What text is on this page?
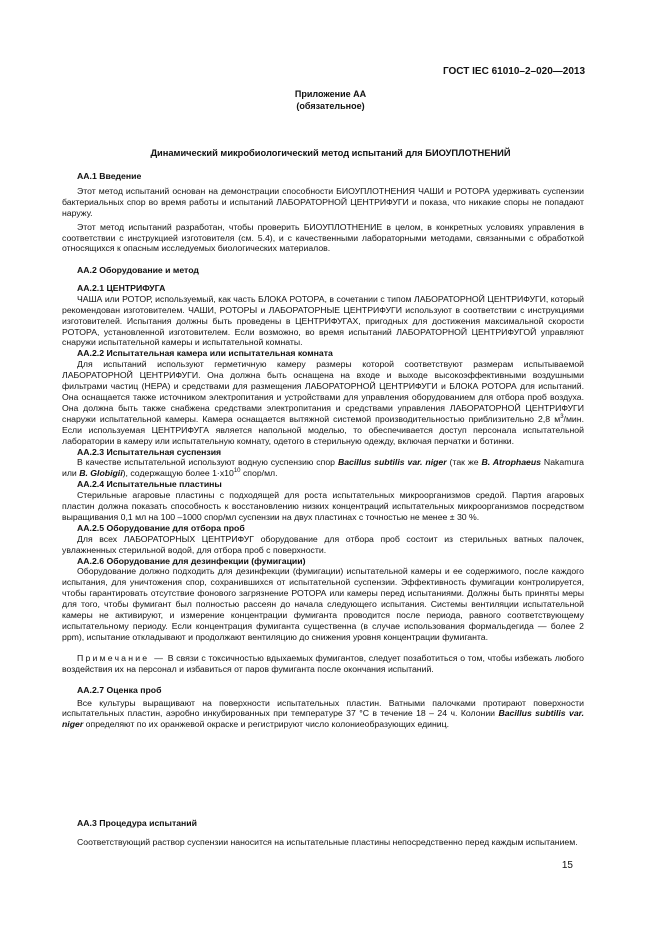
ГОСТ IEC 61010–2–020—2013
Приложение АА
(обязательное)
Динамический микробиологический метод испытаний для БИОУПЛОТНЕНИЙ

АА.1 Введение

Этот метод испытаний основан на демонстрации способности БИОУПЛОТНЕНИЯ ЧАШИ и РОТОРА удерживать суспензии бактериальных спор во время работы и испытаний ЛАБОРАТОРНОЙ ЦЕНТРИФУГИ и показа, что никакие споры не попадают наружу.

Этот метод испытаний разработан, чтобы проверить БИОУПЛОТНЕНИЕ в целом, в конкретных условиях управления в соответствии с инструкцией изготовителя (см. 5.4), и с качественными лабораторными методами, связанными с обработкой относящихся к опасным исследуемых биологических материалов.

АА.2 Оборудование и метод

АА.2.1 ЦЕНТРИФУГА

ЧАША или РОТОР, используемый, как часть БЛОКА РОТОРА, в сочетании с типом ЛАБОРАТОРНОЙ ЦЕНТРИФУГИ, который рекомендован изготовителем. ЧАШИ, РОТОРЫ и ЛАБОРАТОРНЫЕ ЦЕНТРИФУГИ используют в соответствии с инструкциями изготовителей. Испытания должны быть проведены в ЦЕНТРИФУГАХ, пригодных для достижения максимальной скорости РОТОРА, установленной изготовителем. Если возможно, во время испытаний ЛАБОРАТОРНОЙ ЦЕНТРИФУГОЙ управляют снаружи испытательной камеры и испытательной комнаты.

АА.2.2 Испытательная камера или испытательная комната

Для испытаний используют герметичную камеру размеры которой соответствуют размерам испытываемой ЛАБОРАТОРНОЙ ЦЕНТРИФУГИ. Она должна быть оснащена на входе и выходе высокоэффективными воздушными фильтрами частиц (HEPA) и средствами для размещения ЛАБОРАТОРНОЙ ЦЕНТРИФУГИ и БЛОКА РОТОРА для испытаний. Она оснащается также источником электропитания и устройствами для управления оборудованием для отбора проб воздуха. Она должна быть также снабжена средствами электропитания и средствами управления ЛАБОРАТОРНОЙ ЦЕНТРИФУГИ снаружи испытательной камеры. Камера оснащается вытяжной системой производительностью приблизительно 2,8 $м^3$/мин. Если используемая ЦЕНТРИФУГА является напольной моделью, то обеспечивается доступ персонала испытательной лаборатории в камеру или испытательную комнату, одетого в стерильную одежду, включая перчатки и ботинки.

АА.2.3 Испытательная суспензия

В качестве испытательной используют водную суспензию спор Bacillus subtilis var. niger (так же B. Atrophaeus Nakamura или B. Globigii), содержащую более $1\cdot x10^{10}$ спор/мл.

АА.2.4 Испытательные пластины

Стерильные агаровые пластины с подходящей для роста испытательных микроорганизмов средой. Партия агаровых пластин должна показать способность к восстановлению низких концентраций испытательных микроорганизмов посредством выращивания 0,1 мл на 100 –1000 спор/мл суспензии на двух пластинах с точностью не менее ± 30 %.

АА.2.5 Оборудование для отбора проб

Для всех ЛАБОРАТОРНЫХ ЦЕНТРИФУГ оборудование для отбора проб состоит из стерильных ватных палочек, увлажненных стерильной водой, для отбора проб с поверхности.

АА.2.6 Оборудование для дезинфекции (фумигации)

Оборудование должно подходить для дезинфекции (фумигации) испытательной камеры и ее содержимого, после каждого испытания, для уничтожения спор, сохранившихся от испытательной суспензии. Эффективность фумигации контролируется, чтобы гарантировать отсутствие фонового загрязнение РОТОРА или камеры перед испытаниями. Должны быть приняты меры для того, чтобы фумигант был полностью рассеян до начала следующего испытания. Системы вентиляции испытательной камеры не активируют, и измерение концентрации фумиганта проводится после периода, равного соответствующему испытательному периоду. Если концентрация фумиганта существенна (в случае использования формальдегида — более 2 ppm), испытание откладывают и продолжают вентиляцию до снижения уровня концентрации фумиганта.

Примечание — В связи с токсичностью вдыхаемых фумигантов, следует позаботиться о том, чтобы избежать любого воздействия их на персонал и избавиться от паров фумиганта после окончания испытаний.

АА.2.7 Оценка проб

Все культуры выращивают на поверхности испытательных пластин. Ватными палочками протирают поверхности испытательных пластин, аэробно инкубированных при температуре 37 °C в течение 18 – 24 ч. Колонии Bacillus subtilis var. niger определяют по их оранжевой окраске и регистрируют число колониеобразующих единиц.

АА.3 Процедура испытаний

Соответствующий раствор суспензии наносится на испытательные пластины непосредственно перед каждым испытанием.

15
